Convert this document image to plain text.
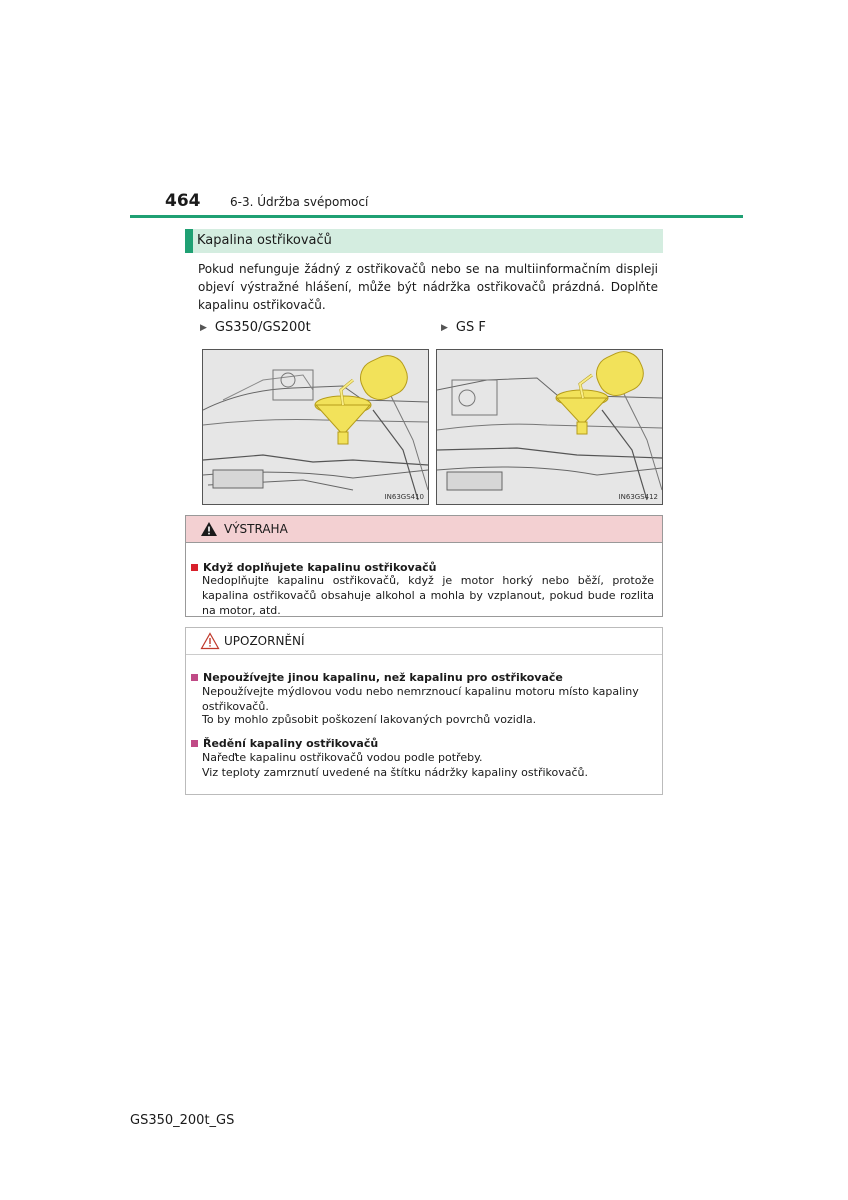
464 6-3. Údržba svépomocí
Kapalina ostřikovačů
Pokud nefunguje žádný z ostřikovačů nebo se na multiinformačním displeji objeví výstražné hlášení, může být nádržka ostřikovačů prázdná. Doplňte kapalinu ostřikovačů.
▶ GS350/GS200t	▶ GS F
IN63GS410	IN63GS412
VÝSTRAHA
Když doplňujete kapalinu ostřikovačů
Nedoplňujte kapalinu ostřikovačů, když je motor horký nebo běží, protože kapalina ostřikovačů obsahuje alkohol a mohla by vzplanout, pokud bude rozlita na motor, atd.
UPOZORNĚNÍ
Nepoužívejte jinou kapalinu, než kapalinu pro ostřikovače
Nepoužívejte mýdlovou vodu nebo nemrznoucí kapalinu motoru místo kapaliny ostřikovačů.
To by mohlo způsobit poškození lakovaných povrchů vozidla.
Ředění kapaliny ostřikovačů
Nařeďte kapalinu ostřikovačů vodou podle potřeby.
Viz teploty zamrznutí uvedené na štítku nádržky kapaliny ostřikovačů.
GS350_200t_GS
